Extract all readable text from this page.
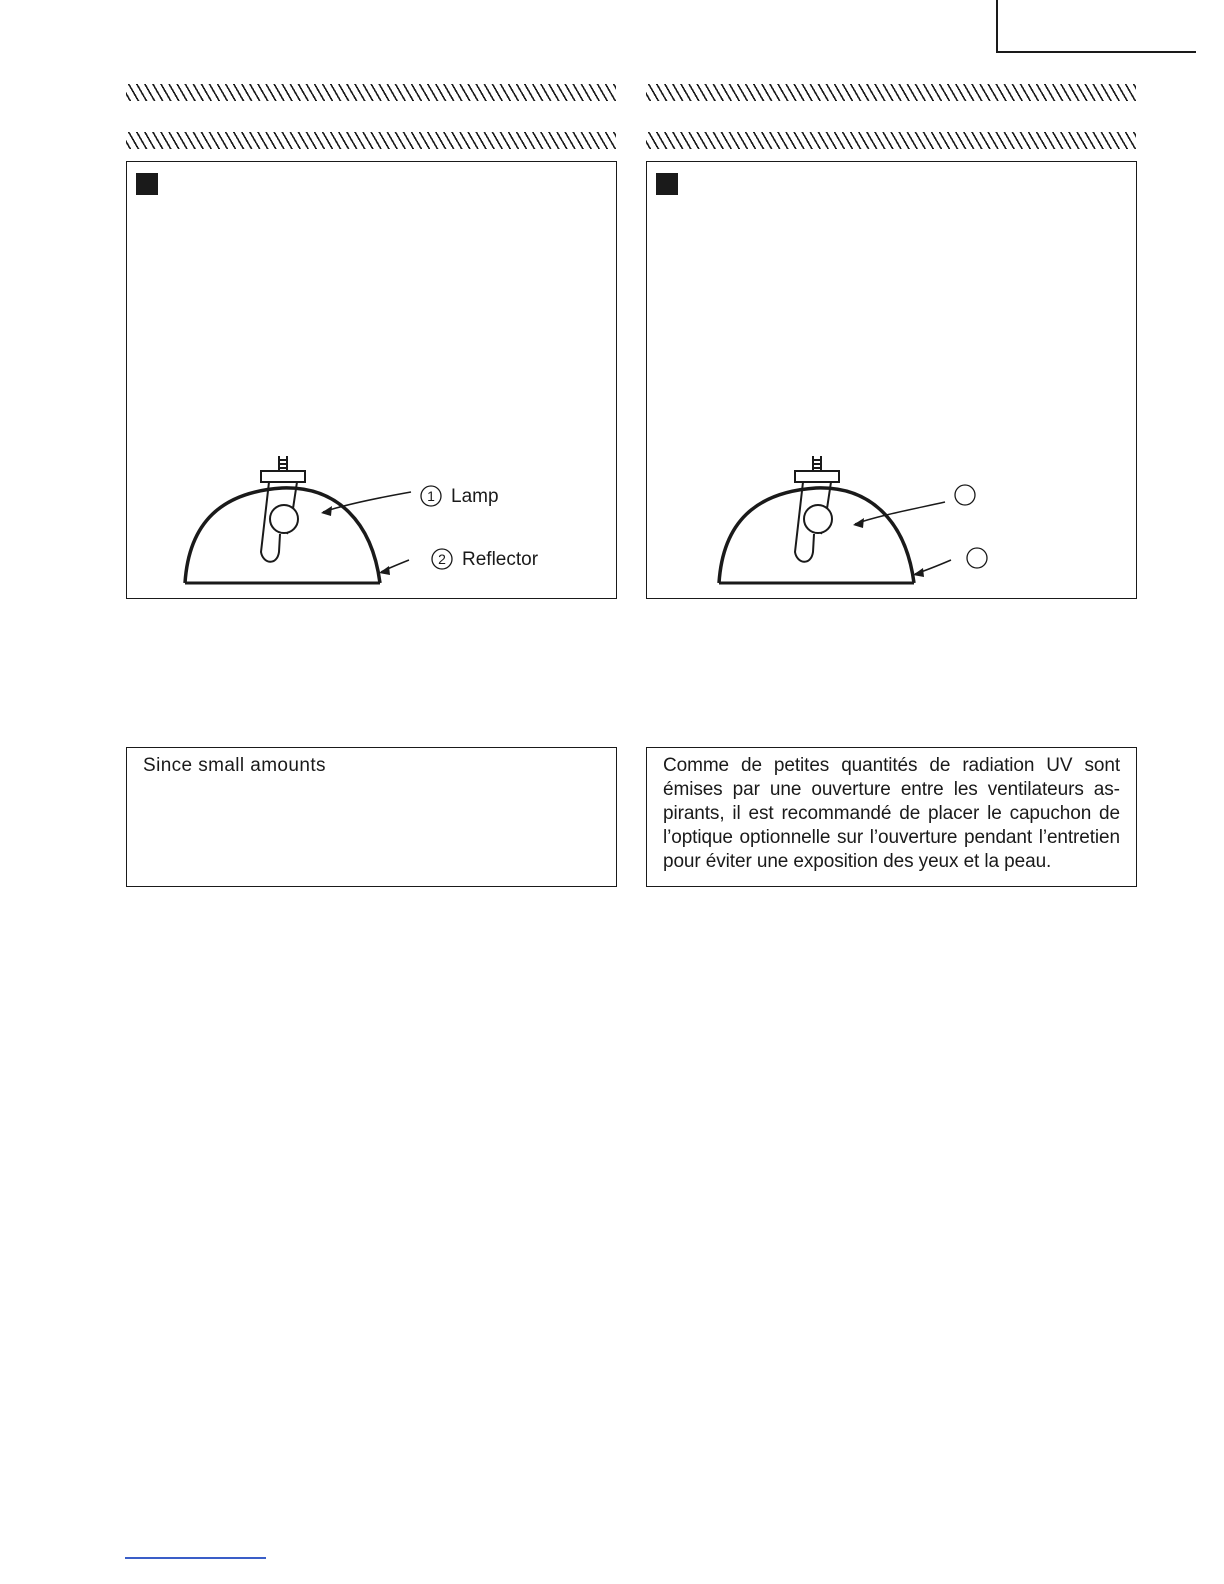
1 Lamp
2 Reflector
Since small amounts	Comme de petites quantités de radiation UV sont émises par une ouverture entre les ventilateurs aspirants, il est recommandé de placer le capuchon de l’optique optionnelle sur l’ouverture pendant l’entretien pour éviter une exposition des yeux et la peau.
